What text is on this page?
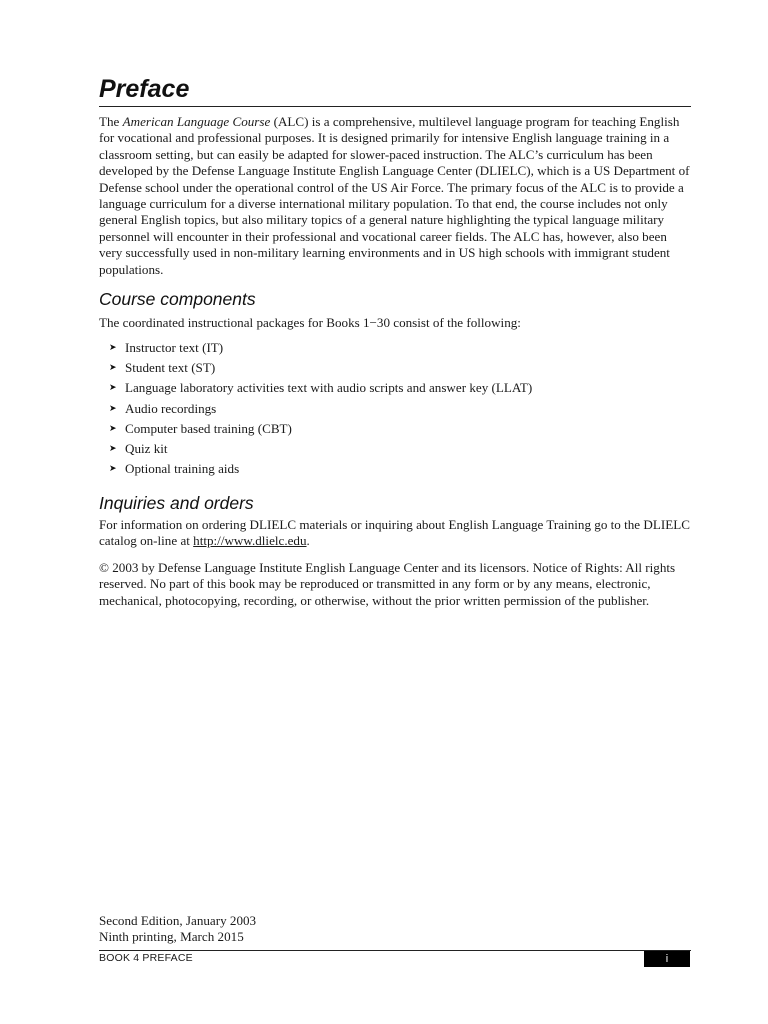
Preface

The American Language Course (ALC) is a comprehensive, multilevel language program for teaching English for vocational and professional purposes. It is designed primarily for intensive English language training in a classroom setting, but can easily be adapted for slower-paced instruction. The ALC’s curriculum has been developed by the Defense Language Institute English Language Center (DLIELC), which is a US Department of Defense school under the operational control of the US Air Force. The primary focus of the ALC is to provide a language curriculum for a diverse international military population. To that end, the course includes not only general English topics, but also military topics of a general nature highlighting the typical language military personnel will encounter in their professional and vocational career fields. The ALC has, however, also been very successfully used in non-military learning environments and in US high schools with immigrant student populations.

Course components

The coordinated instructional packages for Books 1−30 consist of the following:

➤ Instructor text (IT)
➤ Student text (ST)
➤ Language laboratory activities text with audio scripts and answer key (LLAT)
➤ Audio recordings
➤ Computer based training (CBT)
➤ Quiz kit
➤ Optional training aids
Inquiries and orders

For information on ordering DLIELC materials or inquiring about English Language Training go to the DLIELC catalog on-line at http://www.dlielc.edu.

© 2003 by Defense Language Institute English Language Center and its licensors. Notice of Rights: All rights reserved. No part of this book may be reproduced or transmitted in any form or by any means, electronic, mechanical, photocopying, recording, or otherwise, without the prior written permission of the publisher.

Second Edition, January 2003
Ninth printing, March 2015
BOOK 4 PREFACE	i
